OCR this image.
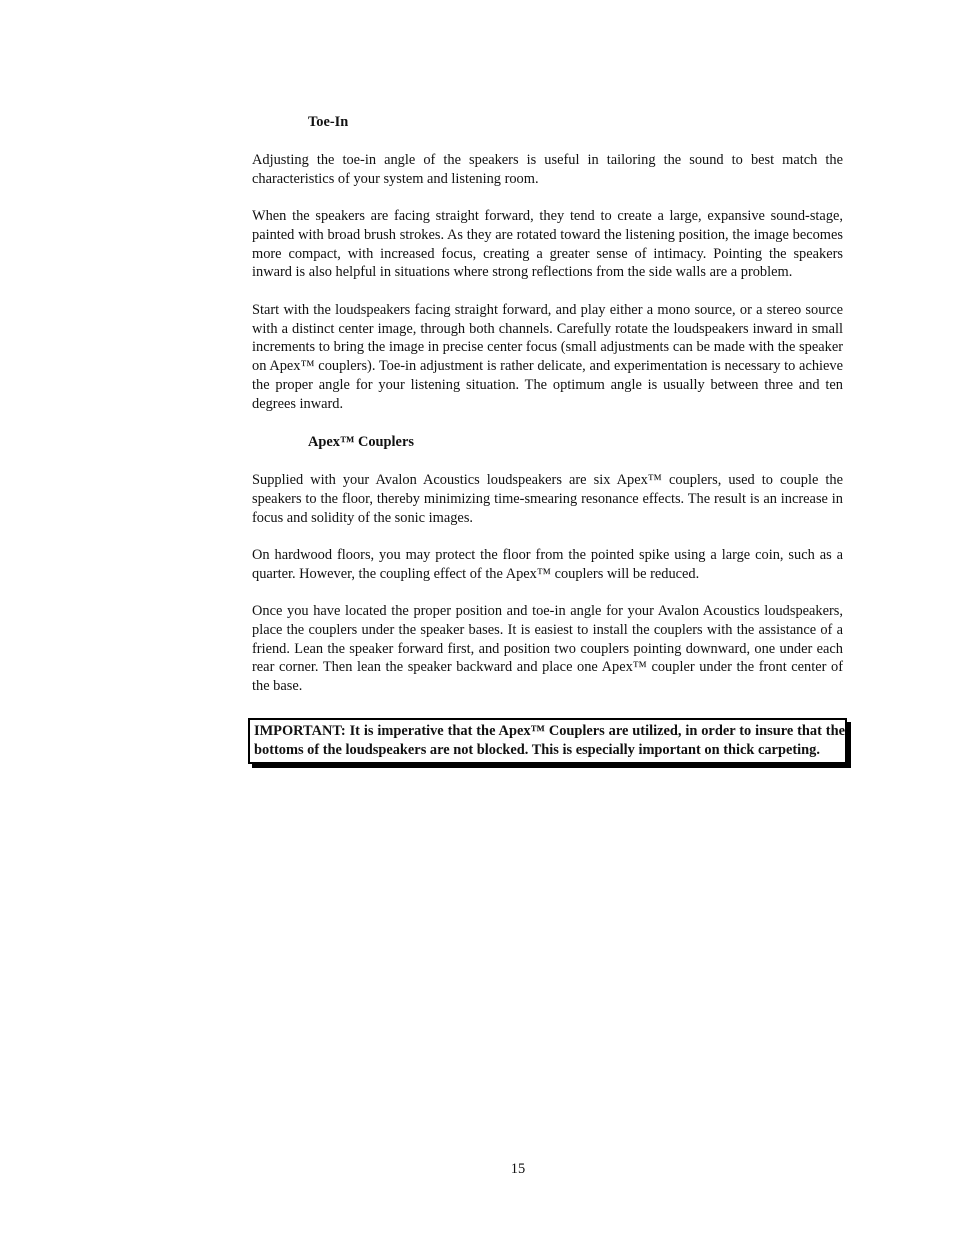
Toe-In

Adjusting the toe-in angle of the speakers is useful in tailoring the sound to best match the characteristics of your system and listening room.

When the speakers are facing straight forward, they tend to create a large, expansive sound-stage, painted with broad brush strokes. As they are rotated toward the listening position, the image becomes more compact, with increased focus, creating a greater sense of intimacy. Pointing the speakers inward is also helpful in situations where strong reflections from the side walls are a problem.

Start with the loudspeakers facing straight forward, and play either a mono source, or a stereo source with a distinct center image, through both channels. Carefully rotate the loudspeakers inward in small increments to bring the image in precise center focus (small adjustments can be made with the speaker on Apex™ couplers). Toe-in adjustment is rather delicate, and experimentation is necessary to achieve the proper angle for your listening situation. The optimum angle is usually between three and ten degrees inward.

Apex™ Couplers

Supplied with your Avalon Acoustics loudspeakers are six Apex™ couplers, used to couple the speakers to the floor, thereby minimizing time-smearing resonance effects. The result is an increase in focus and solidity of the sonic images.

On hardwood floors, you may protect the floor from the pointed spike using a large coin, such as a quarter. However, the coupling effect of the Apex™ couplers will be reduced.

Once you have located the proper position and toe-in angle for your Avalon Acoustics loudspeakers, place the couplers under the speaker bases. It is easiest to install the couplers with the assistance of a friend. Lean the speaker forward first, and position two couplers pointing downward, one under each rear corner. Then lean the speaker backward and place one Apex™ coupler under the front center of the base.

IMPORTANT: It is imperative that the Apex™ Couplers are utilized, in order to insure that the bottoms of the loudspeakers are not blocked. This is especially important on thick carpeting.
15
